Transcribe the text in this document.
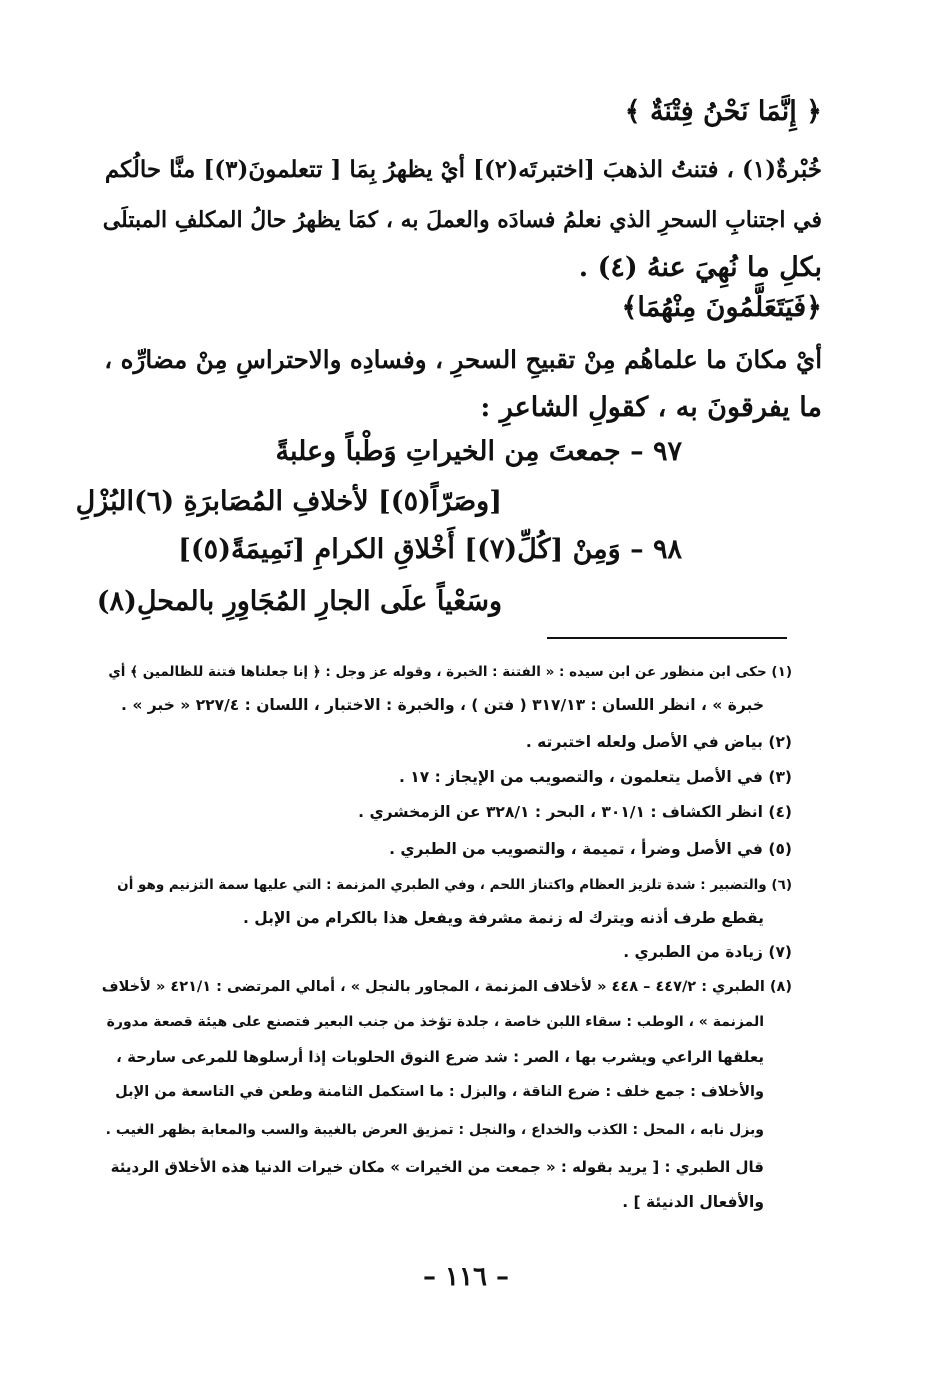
﴿ إِنَّمَا نَحْنُ فِتْنَةٌ ﴾
خُبْرةٌ(١) ، فتنتُ الذهبَ [اختبرتَه(٢)] أيْ يظهرُ بِمَا [ تتعلمونَ(٣)] منَّا حالُكم
في اجتنابِ السحرِ الذي نعلمُ فسادَه والعملَ به ، كمَا يظهرُ حالُ المكلفِ المبتلَى
بكلِ ما نُهِيَ عنهُ (٤) .
﴿فَيَتَعَلَّمُونَ مِنْهُمَا﴾
أيْ مكانَ ما علماهُم مِنْ تقبيحِ السحرِ ، وفسادِه والاحتراسِ مِنْ مضارِّه ،
ما يفرقونَ به ، كقولِ الشاعرِ :
٩٧ – جمعتَ مِن الخيراتِ وَطْباً وعلبةً
[وصَرّاً(٥)] لأخلافِ المُصَابرَةِ (٦)البُزْلِ
٩٨ – وَمِنْ [كُلِّ(٧)] أَخْلاقِ الكرامِ [نَمِيمَةً(٥)]
وسَعْياً علَى الجارِ المُجَاوِرِ بالمحلِ(٨)
(١) حكى ابن منظور عن ابن سيده : « الفتنة : الخبرة ، وقوله عز وجل : ﴿ إنا جعلناها فتنة للظالمين ﴾ أي
خبرة » ، انظر اللسان : ٣١٧/١٣ ( فتن ) ، والخبرة : الاختبار ، اللسان : ٢٢٧/٤ « خبر » .
(٢) بياض في الأصل ولعله اختبرته .
(٣) في الأصل يتعلمون ، والتصويب من الإيجاز : ١٧ .
(٤) انظر الكشاف : ٣٠١/١ ، البحر : ٣٢٨/١ عن الزمخشري .
(٥) في الأصل وضرأ ، تميمة ، والتصويب من الطبري .
(٦) والتضبير : شدة تلزيز العظام واكتناز اللحم ، وفي الطبري المزنمة : التي عليها سمة التزنيم وهو أن
يقطع طرف أذنه ويترك له زنمة مشرفة ويفعل هذا بالكرام من الإبل .
(٧) زيادة من الطبري .
(٨) الطبري : ٤٤٧/٢ – ٤٤٨ « لأخلاف المزنمة ، المجاور بالنجل » ، أمالي المرتضى : ٤٢١/١ « لأخلاف
المزنمة » ، الوطب : سقاء اللبن خاصة ، جلدة تؤخذ من جنب البعير فتصنع على هيئة قصعة مدورة
يعلقها الراعي ويشرب بها ، الصر : شد ضرع النوق الحلوبات إذا أرسلوها للمرعى سارحة ،
والأخلاف : جمع خلف : ضرع الناقة ، والبزل : ما استكمل الثامنة وطعن في التاسعة من الإبل
وبزل نابه ، المحل : الكذب والخداع ، والنجل : تمزيق العرض بالغيبة والسب والمعابة بظهر الغيب .
قال الطبري : [ يريد بقوله : « جمعت من الخيرات » مكان خيرات الدنيا هذه الأخلاق الرديئة
والأفعال الدنيئة ] .
– ١١٦ –
